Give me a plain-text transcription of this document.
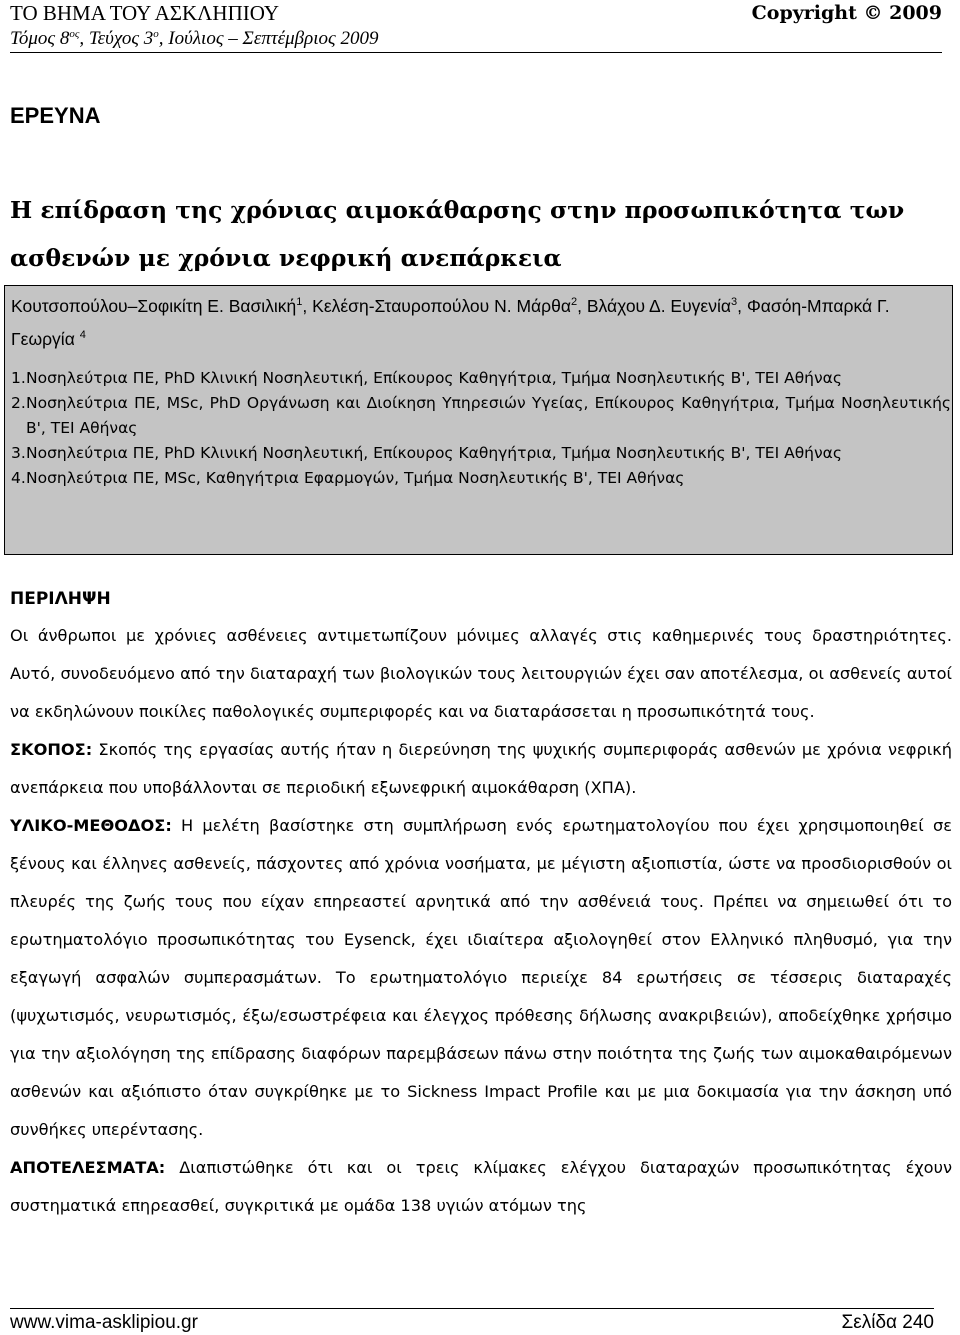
ΤΟ ΒΗΜΑ ΤΟΥ ΑΣΚΛΗΠΙΟΥ
Τόμος $8^{o\varsigma}$, Τεύχος $3^o$, Ιούλιος – Σεπτέμβριος 2009
Copyright © 2009
ΕΡΕΥΝΑ
Η επίδραση της χρόνιας αιμοκάθαρσης στην προσωπικότητα των ασθενών με χρόνια νεφρική ανεπάρκεια
Κουτσοπούλου–Σοφικίτη Ε. Βασιλική$^1$, Κελέση-Σταυροπούλου Ν. Μάρθα$^2$, Βλάχου Δ. Ευγενία$^3$, Φασόη-Μπαρκά Γ. Γεωργία $^4$
1. Νοσηλεύτρια ΠΕ, PhD Κλινική Νοσηλευτική, Επίκουρος Καθηγήτρια, Τμήμα Νοσηλευτικής Β', ΤΕΙ Αθήνας
2. Νοσηλεύτρια ΠΕ, MSc, PhD Οργάνωση και Διοίκηση Υπηρεσιών Υγείας, Επίκουρος Καθηγήτρια, Τμήμα Νοσηλευτικής Β', ΤΕΙ Αθήνας
3. Νοσηλεύτρια ΠΕ, PhD Κλινική Νοσηλευτική, Επίκουρος Καθηγήτρια, Τμήμα Νοσηλευτικής Β', ΤΕΙ Αθήνας
4. Νοσηλεύτρια ΠΕ, MSc, Καθηγήτρια Εφαρμογών, Τμήμα Νοσηλευτικής Β', ΤΕΙ Αθήνας
ΠΕΡΙΛΗΨΗ

Οι άνθρωποι με χρόνιες ασθένειες αντιμετωπίζουν μόνιμες αλλαγές στις καθημερινές τους δραστηριότητες. Αυτό, συνοδευόμενο από την διαταραχή των βιολογικών τους λειτουργιών έχει σαν αποτέλεσμα, οι ασθενείς αυτοί να εκδηλώνουν ποικίλες παθολογικές συμπεριφορές και να διαταράσσεται η προσωπικότητά τους.

ΣΚΟΠΟΣ: Σκοπός της εργασίας αυτής ήταν η διερεύνηση της ψυχικής συμπεριφοράς ασθενών με χρόνια νεφρική ανεπάρκεια που υποβάλλονται σε περιοδική εξωνεφρική αιμοκάθαρση (ΧΠΑ).

ΥΛΙΚΟ-ΜΕΘΟΔΟΣ: Η μελέτη βασίστηκε στη συμπλήρωση ενός ερωτηματολογίου που έχει χρησιμοποιηθεί σε ξένους και έλληνες ασθενείς, πάσχοντες από χρόνια νοσήματα, με μέγιστη αξιοπιστία, ώστε να προσδιορισθούν οι πλευρές της ζωής τους που είχαν επηρεαστεί αρνητικά από την ασθένειά τους. Πρέπει να σημειωθεί ότι το ερωτηματολόγιο προσωπικότητας του Eysenck, έχει ιδιαίτερα αξιολογηθεί στον Ελληνικό πληθυσμό, για την εξαγωγή ασφαλών συμπερασμάτων. Το ερωτηματολόγιο περιείχε 84 ερωτήσεις σε τέσσερις διαταραχές (ψυχωτισμός, νευρωτισμός, έξω/εσωστρέφεια και έλεγχος πρόθεσης δήλωσης ανακριβειών), αποδείχθηκε χρήσιμο για την αξιολόγηση της επίδρασης διαφόρων παρεμβάσεων πάνω στην ποιότητα της ζωής των αιμοκαθαιρόμενων ασθενών και αξιόπιστο όταν συγκρίθηκε με το Sickness Impact Profile και με μια δοκιμασία για την άσκηση υπό συνθήκες υπερέντασης.

ΑΠΟΤΕΛΕΣΜΑΤΑ: Διαπιστώθηκε ότι και οι τρεις κλίμακες ελέγχου διαταραχών προσωπικότητας έχουν συστηματικά επηρεασθεί, συγκριτικά με ομάδα 138 υγιών ατόμων της

www.vima-asklipiou.gr	Σελίδα 240
